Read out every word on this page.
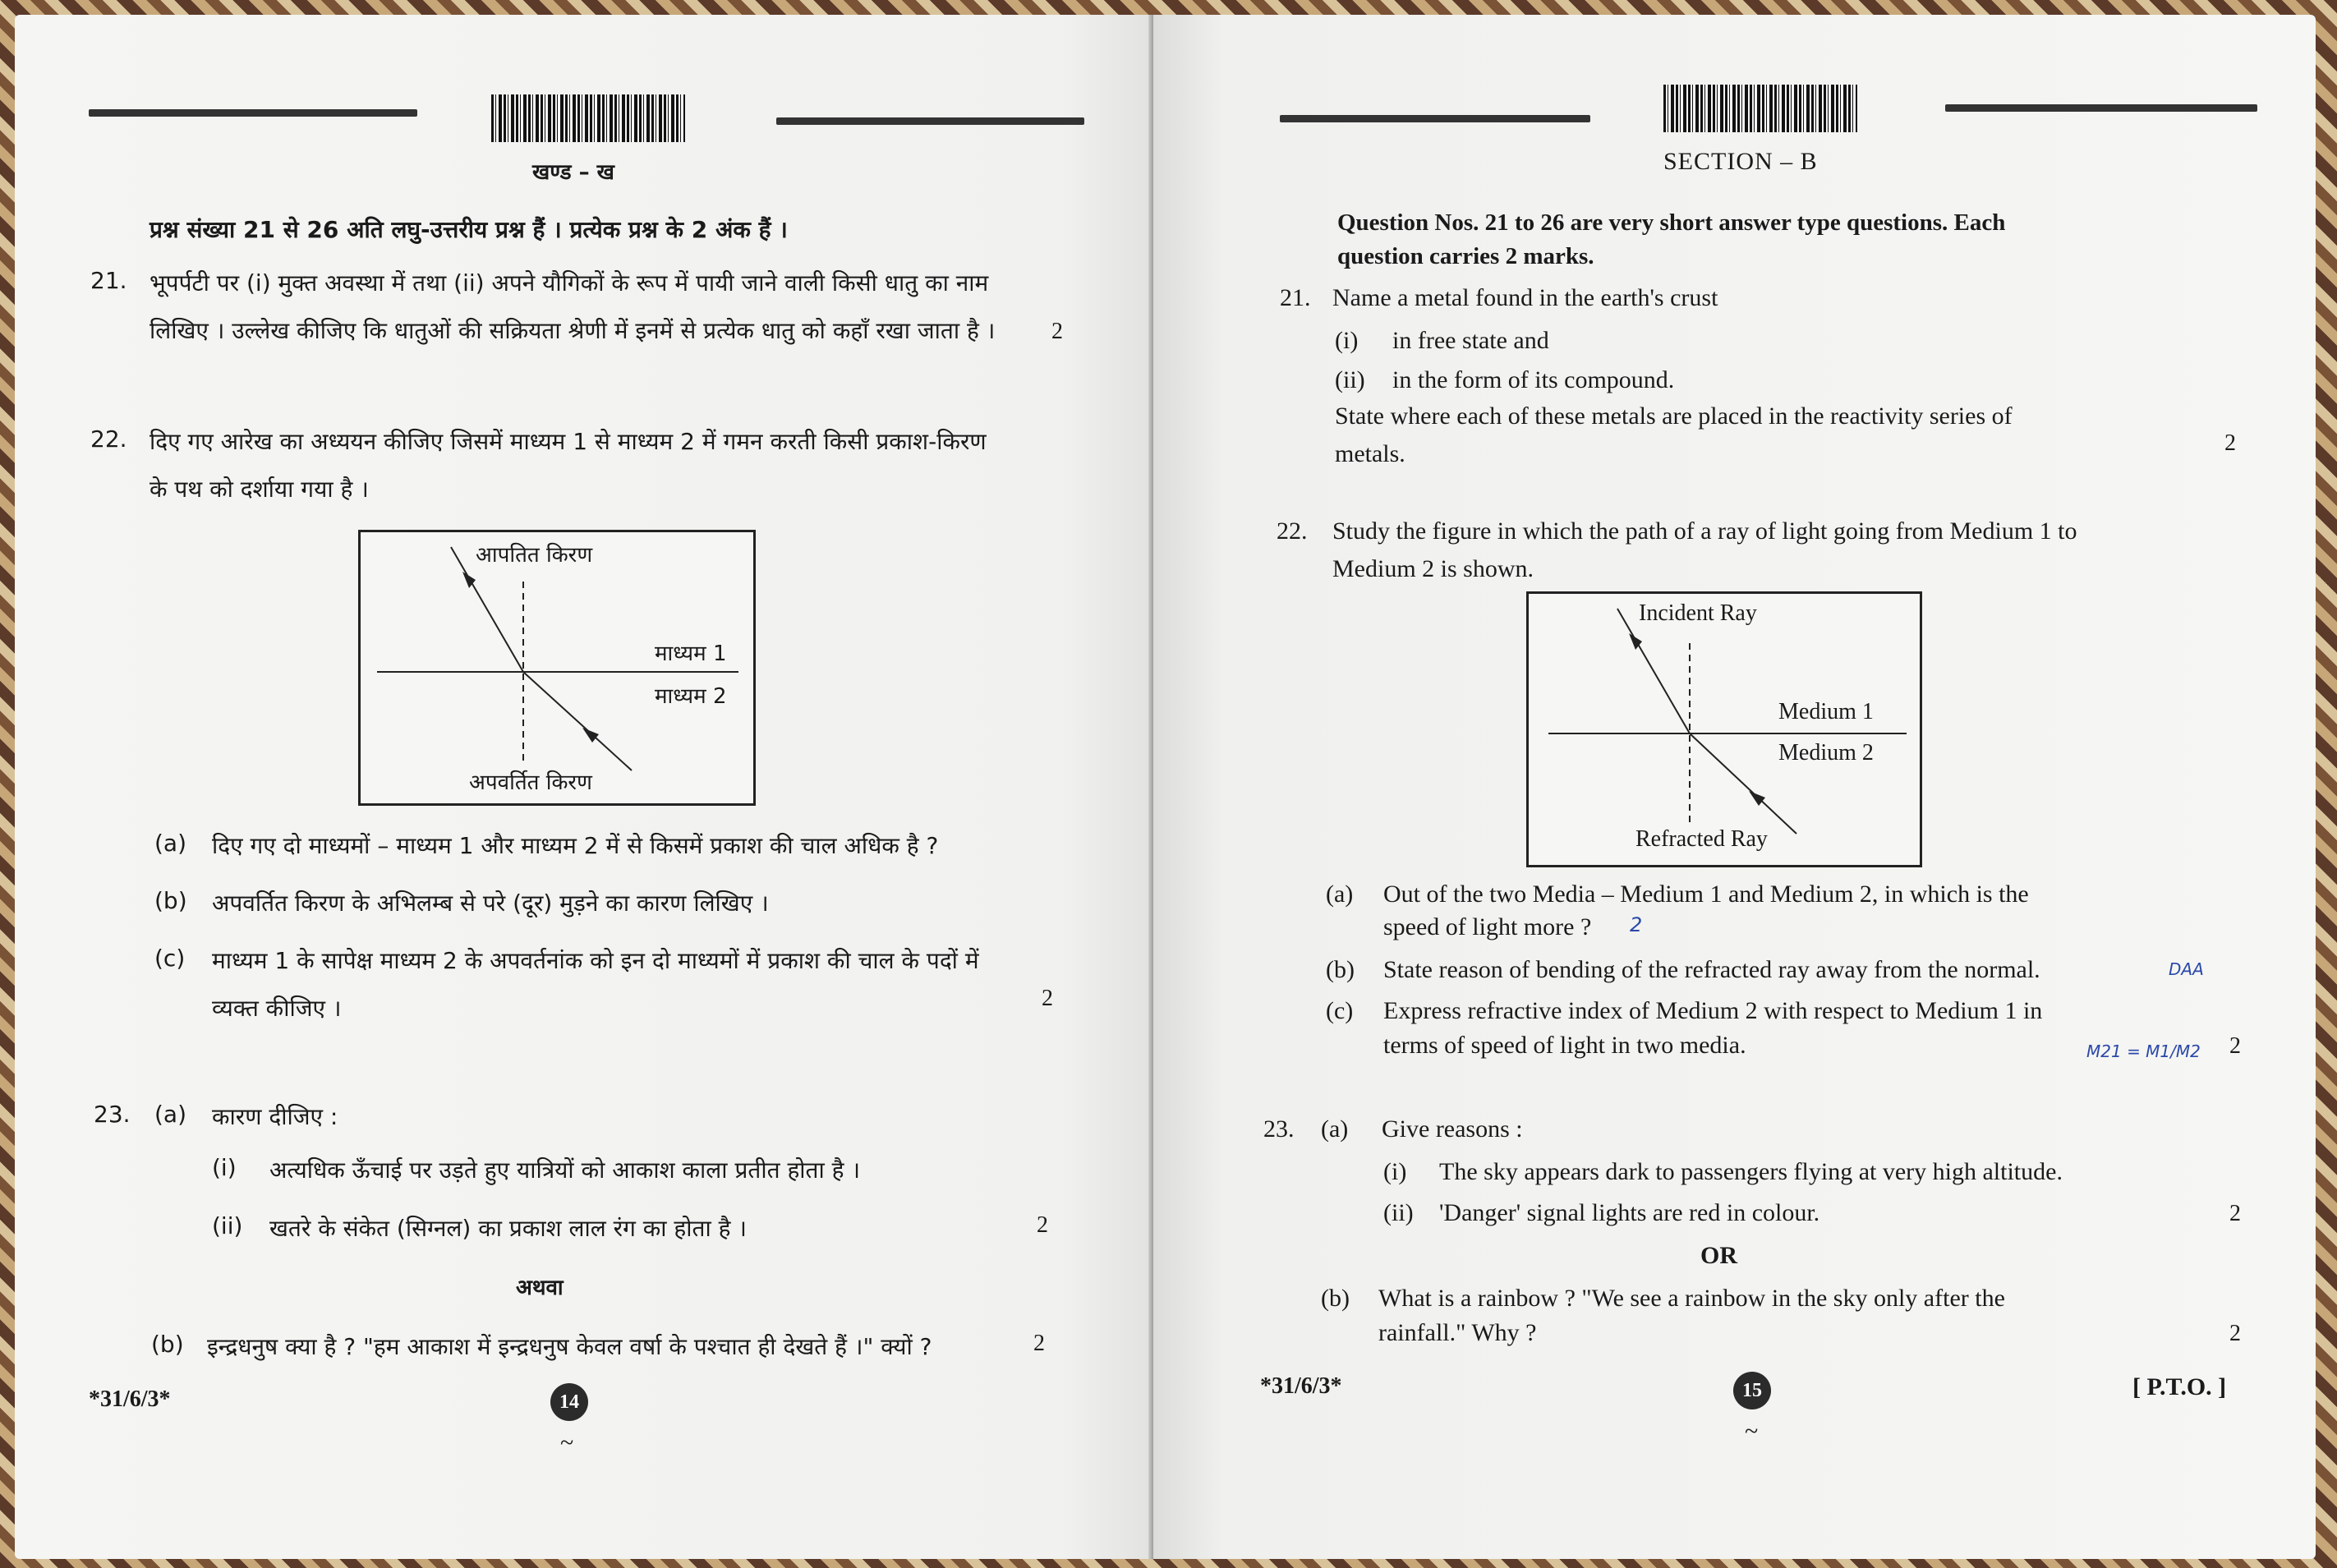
खण्ड – ख
प्रश्न संख्या 21 से 26 अति लघु-उत्तरीय प्रश्न हैं । प्रत्येक प्रश्न के 2 अंक हैं ।
21. भूपर्पटी पर (i) मुक्त अवस्था में तथा (ii) अपने यौगिकों के रूप में पायी जाने वाली किसी धातु का नाम
लिखिए । उल्लेख कीजिए कि धातुओं की सक्रियता श्रेणी में इनमें से प्रत्येक धातु को कहाँ रखा जाता है । 2
22. दिए गए आरेख का अध्ययन कीजिए जिसमें माध्यम 1 से माध्यम 2 में गमन करती किसी प्रकाश-किरण
के पथ को दर्शाया गया है ।
आपतित किरण
माध्यम 1
माध्यम 2
अपवर्तित किरण
(a) दिए गए दो माध्यमों – माध्यम 1 और माध्यम 2 में से किसमें प्रकाश की चाल अधिक है ?
(b) अपवर्तित किरण के अभिलम्ब से परे (दूर) मुड़ने का कारण लिखिए ।
(c) माध्यम 1 के सापेक्ष माध्यम 2 के अपवर्तनांक को इन दो माध्यमों में प्रकाश की चाल के पदों में
व्यक्त कीजिए ।	2
23. (a) कारण दीजिए :
(i) अत्यधिक ऊँचाई पर उड़ते हुए यात्रियों को आकाश काला प्रतीत होता है ।
(ii) खतरे के संकेत (सिग्नल) का प्रकाश लाल रंग का होता है ।	2
अथवा
(b) इन्द्रधनुष क्या है ? "हम आकाश में इन्द्रधनुष केवल वर्षा के पश्चात ही देखते हैं ।" क्यों ?	2
*31/6/3*	14
~
SECTION – B
Question Nos. 21 to 26 are very short answer type questions. Each
question carries 2 marks.
21. Name a metal found in the earth's crust
(i) in free state and
(ii) in the form of its compound.
State where each of these metals are placed in the reactivity series of
metals.	2
22. Study the figure in which the path of a ray of light going from Medium 1 to
Medium 2 is shown.
Incident Ray
Medium 1
Medium 2
Refracted Ray
(a) Out of the two Media – Medium 1 and Medium 2, in which is the
speed of light more ? 2
(b) State reason of bending of the refracted ray away from the normal.	DAA
(c) Express refractive index of Medium 2 with respect to Medium 1 in
terms of speed of light in two media.	M21 = M1/M2 2
23. (a) Give reasons :
(i) The sky appears dark to passengers flying at very high altitude.
(ii) 'Danger' signal lights are red in colour.	2
OR
(b) What is a rainbow ? "We see a rainbow in the sky only after the
rainfall." Why ?	2
*31/6/3*	15
~
[ P.T.O. ]
